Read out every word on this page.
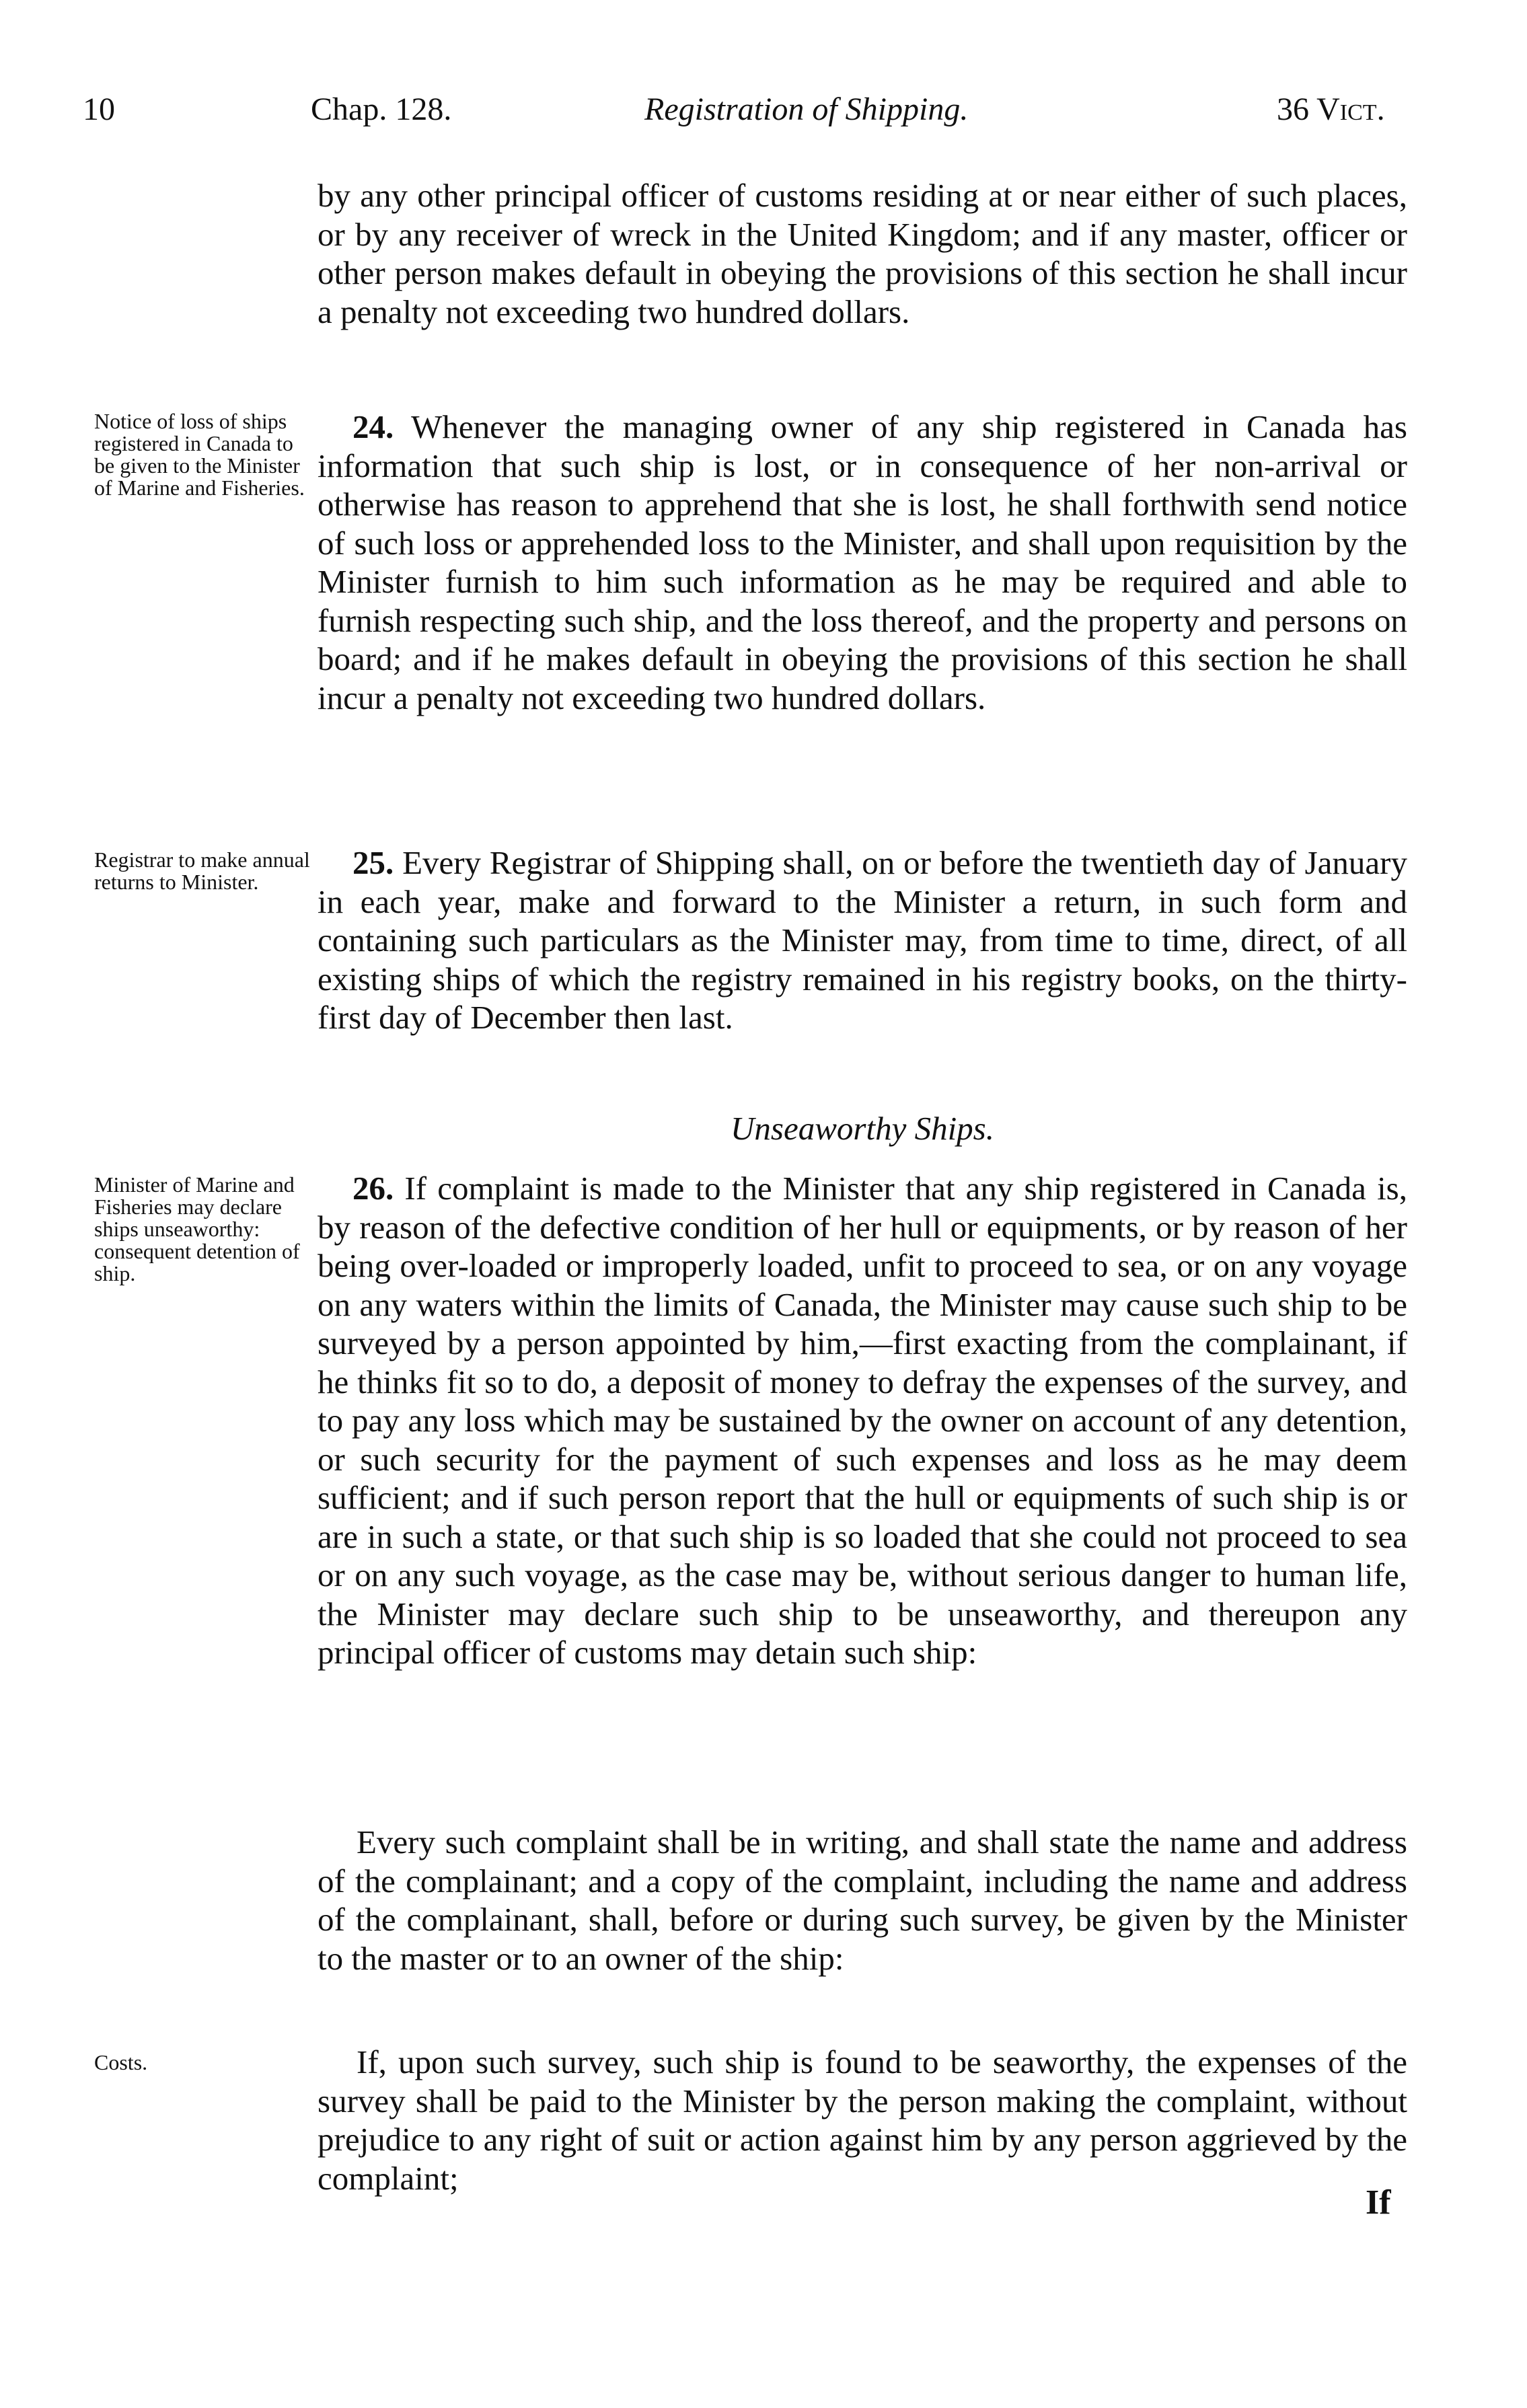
10	Chap. 128.	Registration of Shipping.	36 Vict.

by any other principal officer of customs residing at or near either of such places, or by any receiver of wreck in the United Kingdom; and if any master, officer or other person makes default in obeying the provisions of this section he shall incur a penalty not exceeding two hundred dollars.

Notice of loss of ships registered in Canada to be given to the Minister of Marine and Fisheries.

24. Whenever the managing owner of any ship registered in Canada has information that such ship is lost, or in consequence of her non-arrival or otherwise has reason to apprehend that she is lost, he shall forthwith send notice of such loss or apprehended loss to the Minister, and shall upon requisition by the Minister furnish to him such information as he may be required and able to furnish respecting such ship, and the loss thereof, and the property and persons on board; and if he makes default in obeying the provisions of this section he shall incur a penalty not exceeding two hundred dollars.

Registrar to make annual returns to Minister.

25. Every Registrar of Shipping shall, on or before the twentieth day of January in each year, make and forward to the Minister a return, in such form and containing such particulars as the Minister may, from time to time, direct, of all existing ships of which the registry remained in his registry books, on the thirty-first day of December then last.

Unseaworthy Ships.

Minister of Marine and Fisheries may declare ships unseaworthy: consequent detention of ship.

26. If complaint is made to the Minister that any ship registered in Canada is, by reason of the defective condition of her hull or equipments, or by reason of her being over-loaded or improperly loaded, unfit to proceed to sea, or on any voyage on any waters within the limits of Canada, the Minister may cause such ship to be surveyed by a person appointed by him,—first exacting from the complainant, if he thinks fit so to do, a deposit of money to defray the expenses of the survey, and to pay any loss which may be sustained by the owner on account of any detention, or such security for the payment of such expenses and loss as he may deem sufficient; and if such person report that the hull or equipments of such ship is or are in such a state, or that such ship is so loaded that she could not proceed to sea or on any such voyage, as the case may be, without serious danger to human life, the Minister may declare such ship to be unseaworthy, and thereupon any principal officer of customs may detain such ship:

Every such complaint shall be in writing, and shall state the name and address of the complainant; and a copy of the complaint, including the name and address of the complainant, shall, before or during such survey, be given by the Minister to the master or to an owner of the ship:

Costs.	If, upon such survey, such ship is found to be seaworthy, the expenses of the survey shall be paid to the Minister by the person making the complaint, without prejudice to any right of suit or action against him by any person aggrieved by the complaint;

If
